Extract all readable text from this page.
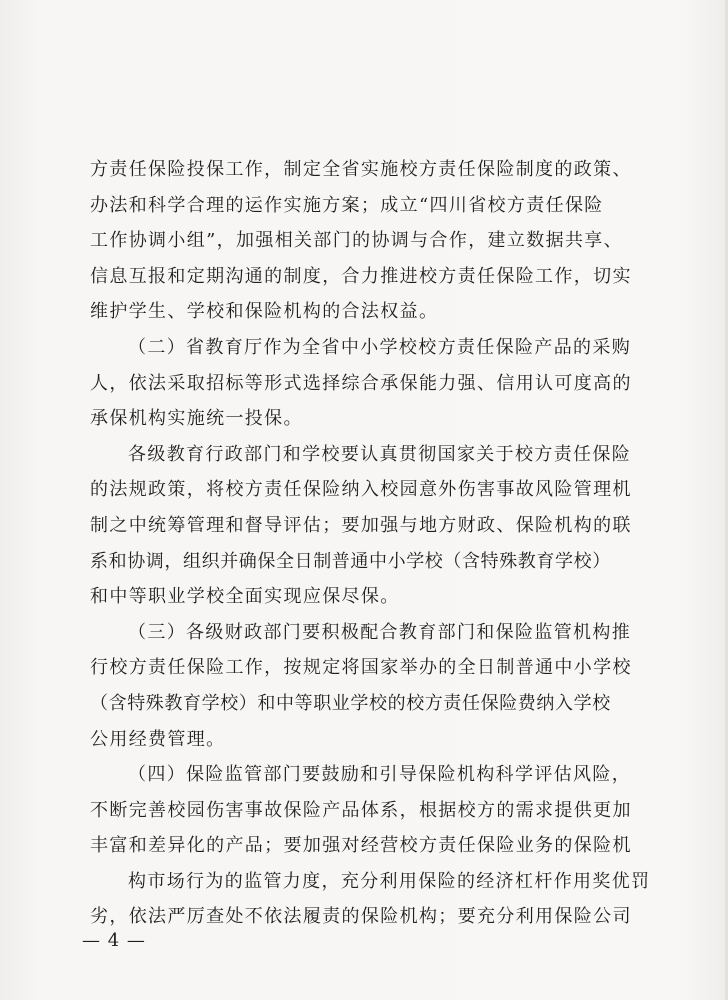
方责任保险投保工作，制定全省实施校方责任保险制度的政策、
办法和科学合理的运作实施方案；成立“四川省校方责任保险
工作协调小组”，加强相关部门的协调与合作，建立数据共享、
信息互报和定期沟通的制度，合力推进校方责任保险工作，切实
维护学生、学校和保险机构的合法权益。
（二）省教育厅作为全省中小学校校方责任保险产品的采购
人，依法采取招标等形式选择综合承保能力强、信用认可度高的
承保机构实施统一投保。
各级教育行政部门和学校要认真贯彻国家关于校方责任保险
的法规政策，将校方责任保险纳入校园意外伤害事故风险管理机
制之中统筹管理和督导评估；要加强与地方财政、保险机构的联
系和协调，组织并确保全日制普通中小学校（含特殊教育学校）
和中等职业学校全面实现应保尽保。
（三）各级财政部门要积极配合教育部门和保险监管机构推
行校方责任保险工作，按规定将国家举办的全日制普通中小学校
（含特殊教育学校）和中等职业学校的校方责任保险费纳入学校
公用经费管理。
（四）保险监管部门要鼓励和引导保险机构科学评估风险，
不断完善校园伤害事故保险产品体系，根据校方的需求提供更加
丰富和差异化的产品；要加强对经营校方责任保险业务的保险机
构市场行为的监管力度，充分利用保险的经济杠杆作用奖优罚
劣，依法严厉查处不依法履责的保险机构；要充分利用保险公司
— 4 —
